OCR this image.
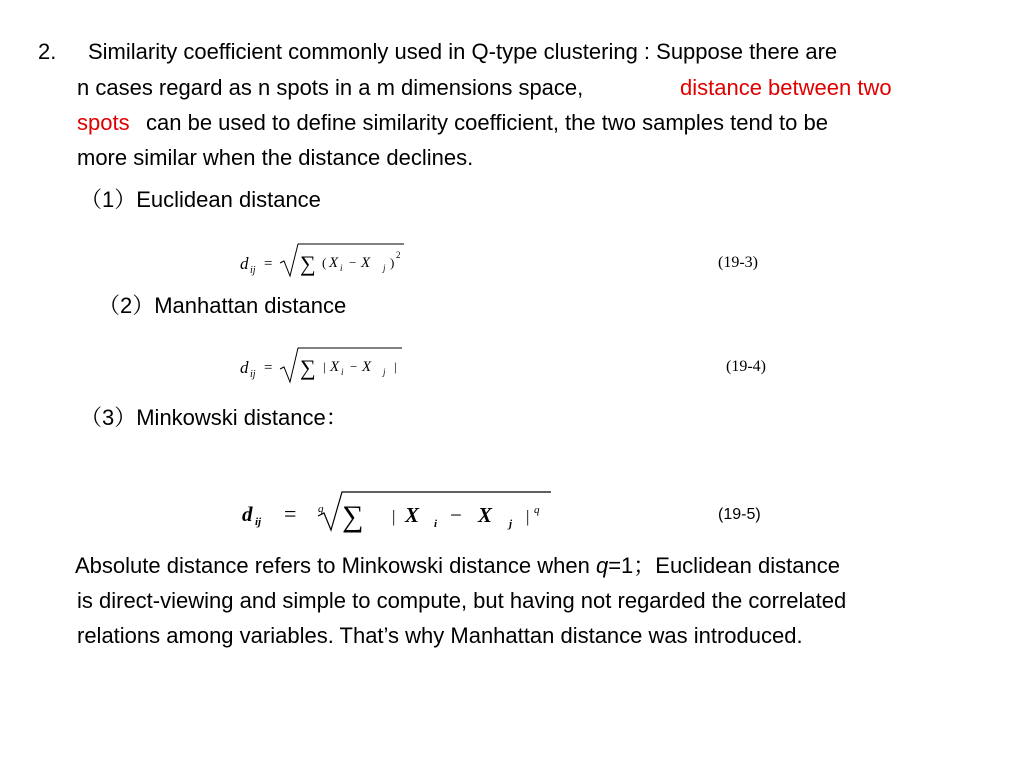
2. Similarity coefficient commonly used in Q-type clustering : Suppose there are
n cases regard as n spots in a m dimensions space,	distance between two
spots can be used to define similarity coefficient, the two samples tend to be
more similar when the distance declines.
（1）Euclidean distance
d ij = ∑ ( X i − X j ) 2	(19-3)
（2）Manhattan distance
d ij = ∑ | X i − X j |	(19-4)
（3）Minkowski distance：
d ij = q ∑ | X i − X j | q	(19-5)
Absolute distance refers to Minkowski distance when q=1；Euclidean distance
is direct-viewing and simple to compute, but having not regarded the correlated
relations among variables. That’s why Manhattan distance was introduced.
